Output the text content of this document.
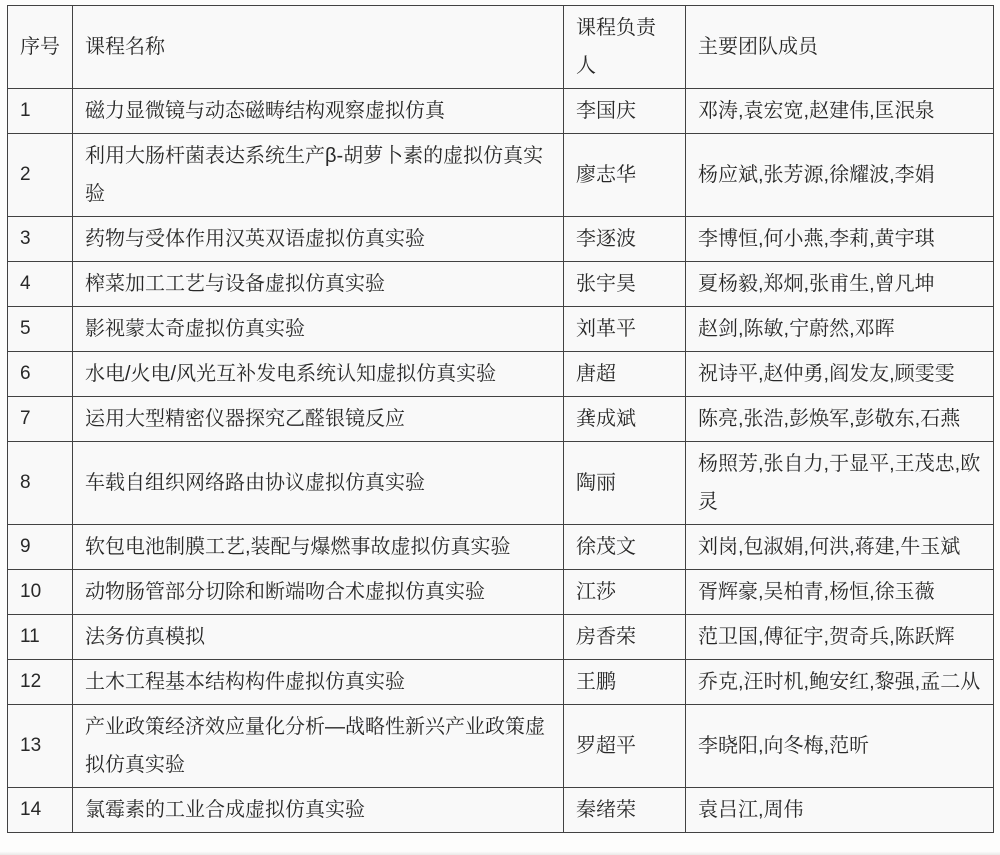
序号	课程名称	课程负责人	主要团队成员
1	磁力显微镜与动态磁畴结构观察虚拟仿真	李国庆	邓涛,袁宏宽,赵建伟,匡泯泉
2	利用大肠杆菌表达系统生产β-胡萝卜素的虚拟仿真实验	廖志华	杨应斌,张芳源,徐耀波,李娟
3	药物与受体作用汉英双语虚拟仿真实验	李逐波	李博恒,何小燕,李莉,黄宇琪
4	榨菜加工工艺与设备虚拟仿真实验	张宇昊	夏杨毅,郑炯,张甫生,曾凡坤
5	影视蒙太奇虚拟仿真实验	刘革平	赵剑,陈敏,宁蔚然,邓晖
6	水电/火电/风光互补发电系统认知虚拟仿真实验	唐超	祝诗平,赵仲勇,阎发友,顾雯雯
7	运用大型精密仪器探究乙醛银镜反应	龚成斌	陈亮,张浩,彭焕军,彭敬东,石燕
8	车载自组织网络路由协议虚拟仿真实验	陶丽	杨照芳,张自力,于显平,王茂忠,欧灵
9	软包电池制膜工艺,装配与爆燃事故虚拟仿真实验	徐茂文	刘岗,包淑娟,何洪,蒋建,牛玉斌
10	动物肠管部分切除和断端吻合术虚拟仿真实验	江莎	胥辉豪,吴柏青,杨恒,徐玉薇
11	法务仿真模拟	房香荣	范卫国,傅征宇,贺奇兵,陈跃辉
12	土木工程基本结构构件虚拟仿真实验	王鹏	乔克,汪时机,鲍安红,黎强,孟二从
13	产业政策经济效应量化分析—战略性新兴产业政策虚拟仿真实验	罗超平	李晓阳,向冬梅,范昕
14	氯霉素的工业合成虚拟仿真实验	秦绪荣	袁吕江,周伟
